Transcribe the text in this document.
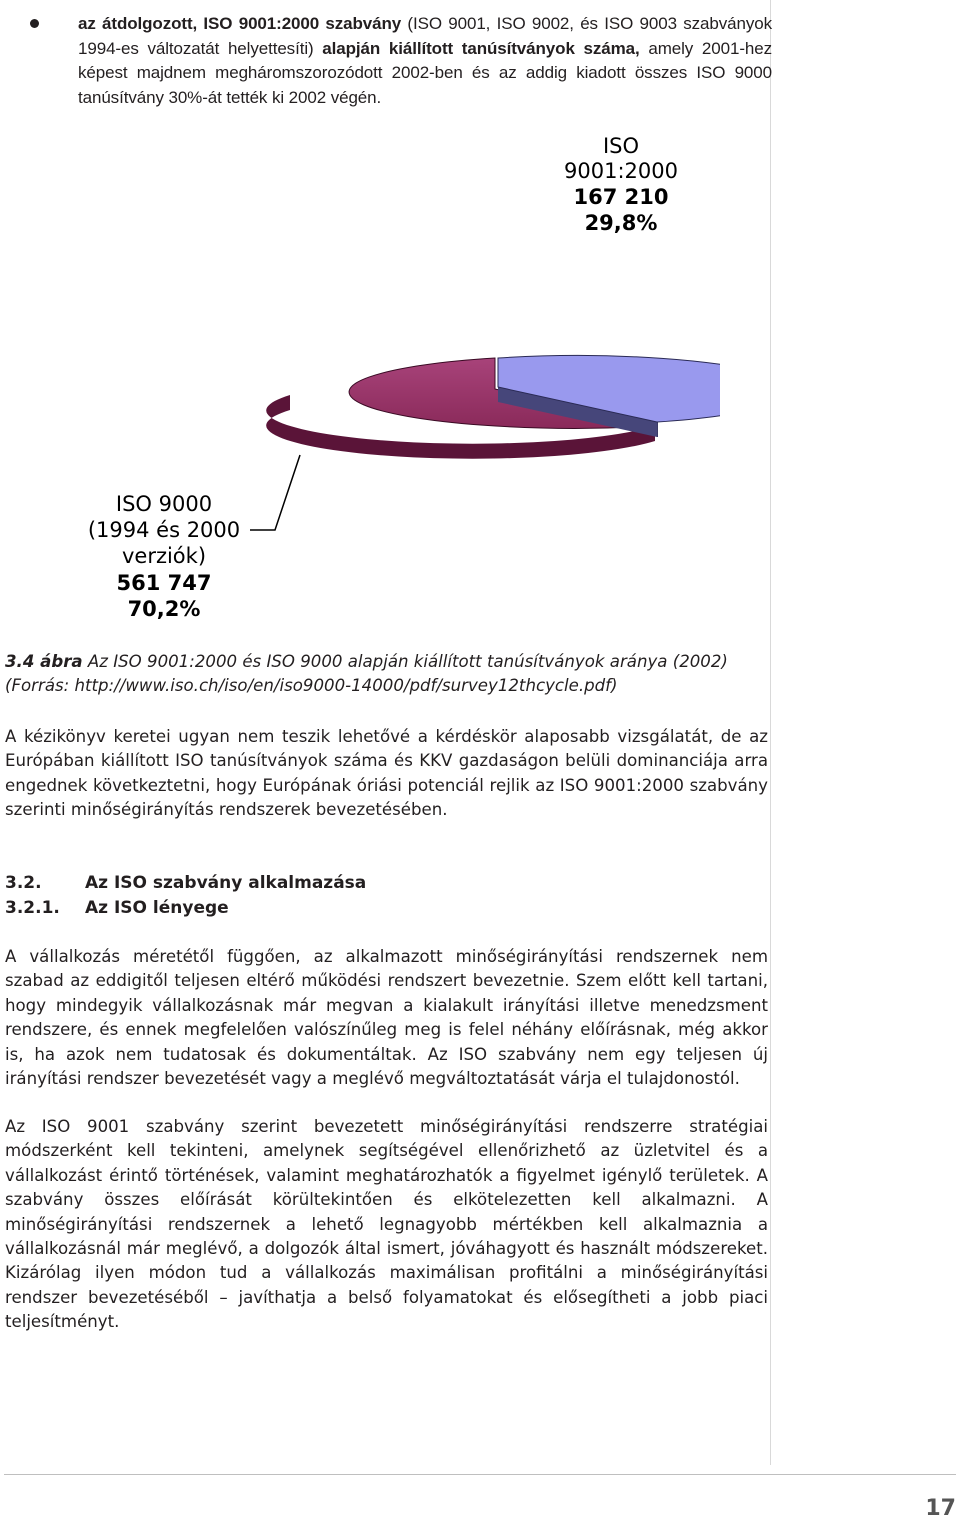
az átdolgozott, ISO 9001:2000 szabvány (ISO 9001, ISO 9002, és ISO 9003 szabványok 1994-es változatát helyettesíti) alapján kiállított tanúsítványok száma, amely 2001-hez képest majdnem megháromszorozódott 2002-ben és az addig kiadott összes ISO 9000 tanúsítvány 30%-át tették ki 2002 végén.

ISO
9001:2000
167 210
29,8%
ISO 9000
(1994 és 2000
verziók)
561 747
70,2%
3.4 ábra Az ISO 9001:2000 és ISO 9000 alapján kiállított tanúsítványok aránya (2002)
(Forrás: http://www.iso.ch/iso/en/iso9000-14000/pdf/survey12thcycle.pdf)

A kézikönyv keretei ugyan nem teszik lehetővé a kérdéskör alaposabb vizsgálatát, de az Európában kiállított ISO tanúsítványok száma és KKV gazdaságon belüli dominanciája arra engednek következtetni, hogy Európának óriási potenciál rejlik az ISO 9001:2000 szabvány szerinti minőségirányítás rendszerek bevezetésében.

3.2.	Az ISO szabvány alkalmazása
3.2.1. Az ISO lényege

A vállalkozás méretétől függően, az alkalmazott minőségirányítási rendszernek nem szabad az eddigitől teljesen eltérő működési rendszert bevezetnie. Szem előtt kell tartani, hogy mindegyik vállalkozásnak már megvan a kialakult irányítási illetve menedzsment rendszere, és ennek megfelelően valószínűleg meg is felel néhány előírásnak, még akkor is, ha azok nem tudatosak és dokumentáltak. Az ISO szabvány nem egy teljesen új irányítási rendszer bevezetését vagy a meglévő megváltoztatását várja el tulajdonostól.

Az ISO 9001 szabvány szerint bevezetett minőségirányítási rendszerre stratégiai módszerként kell tekinteni, amelynek segítségével ellenőrizhető az üzletvitel és a vállalkozást érintő történések, valamint meghatározhatók a figyelmet igénylő területek. A szabvány összes előírását körültekintően és elkötelezetten kell alkalmazni. A minőségirányítási rendszernek a lehető legnagyobb mértékben kell alkalmaznia a vállalkozásnál már meglévő, a dolgozók által ismert, jóváhagyott és használt módszereket. Kizárólag ilyen módon tud a vállalkozás maximálisan profitálni a minőségirányítási rendszer bevezetéséből – javíthatja a belső folyamatokat és elősegítheti a jobb piaci teljesítményt.

17
